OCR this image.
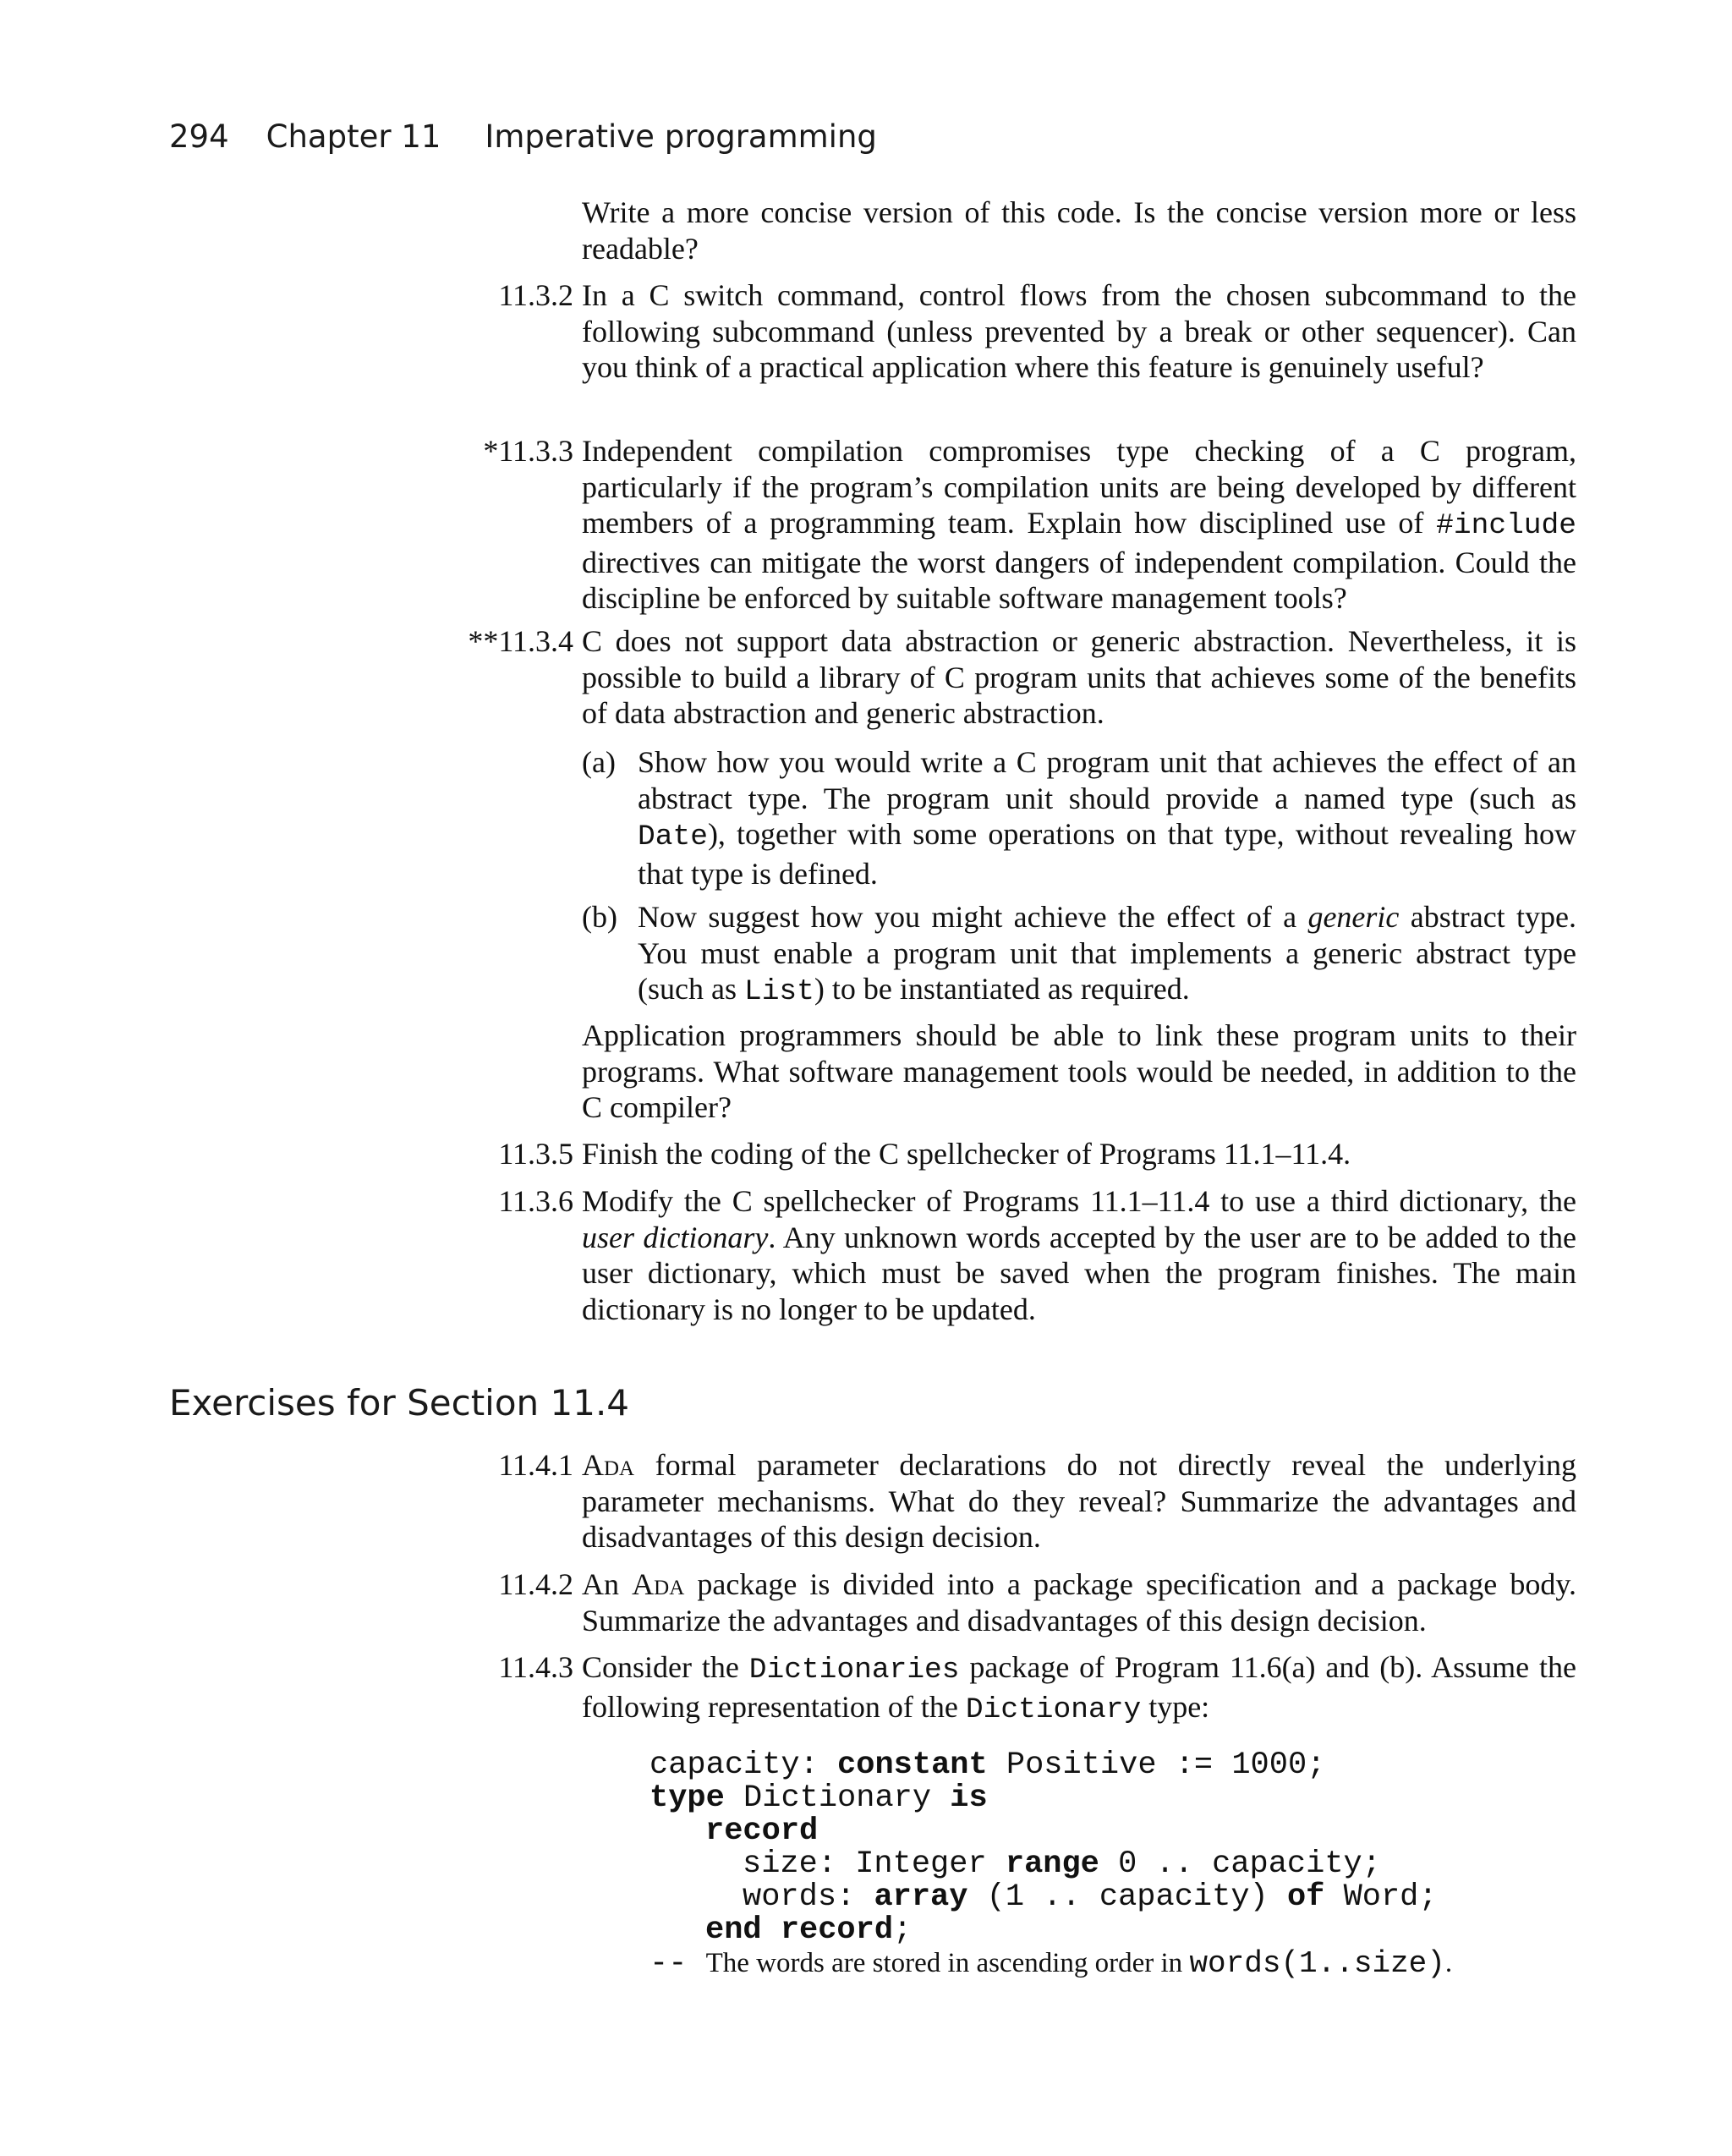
294 Chapter 11 Imperative programming
Write a more concise version of this code. Is the concise version more or less readable?
11.3.2 In a C switch command, control flows from the chosen subcommand to the following subcommand (unless prevented by a break or other sequencer). Can you think of a practical application where this feature is genuinely useful?
*11.3.3 Independent compilation compromises type checking of a C program, particularly if the program’s compilation units are being developed by different members of a programming team. Explain how disciplined use of #include directives can mitigate the worst dangers of independent compilation. Could the discipline be enforced by suitable software management tools?
**11.3.4 C does not support data abstraction or generic abstraction. Nevertheless, it is possible to build a library of C program units that achieves some of the benefits of data abstraction and generic abstraction.
(a) Show how you would write a C program unit that achieves the effect of an abstract type. The program unit should provide a named type (such as Date), together with some operations on that type, without revealing how that type is defined.
(b) Now suggest how you might achieve the effect of a generic abstract type. You must enable a program unit that implements a generic abstract type (such as List) to be instantiated as required.
Application programmers should be able to link these program units to their programs. What software management tools would be needed, in addition to the C compiler?
11.3.5 Finish the coding of the C spellchecker of Programs 11.1–11.4.
11.3.6 Modify the C spellchecker of Programs 11.1–11.4 to use a third dictionary, the user dictionary. Any unknown words accepted by the user are to be added to the user dictionary, which must be saved when the program finishes. The main dictionary is no longer to be updated.
Exercises for Section 11.4
11.4.1 Ada formal parameter declarations do not directly reveal the underlying parameter mechanisms. What do they reveal? Summarize the advantages and disadvantages of this design decision.
11.4.2 An Ada package is divided into a package specification and a package body. Summarize the advantages and disadvantages of this design decision.
11.4.3 Consider the Dictionaries package of Program 11.6(a) and (b). Assume the following representation of the Dictionary type:
capacity: constant Positive := 1000;
type Dictionary is
record
size: Integer range 0 .. capacity;
words: array (1 .. capacity) of Word;
end record;
-- The words are stored in ascending order in words(1..size).
